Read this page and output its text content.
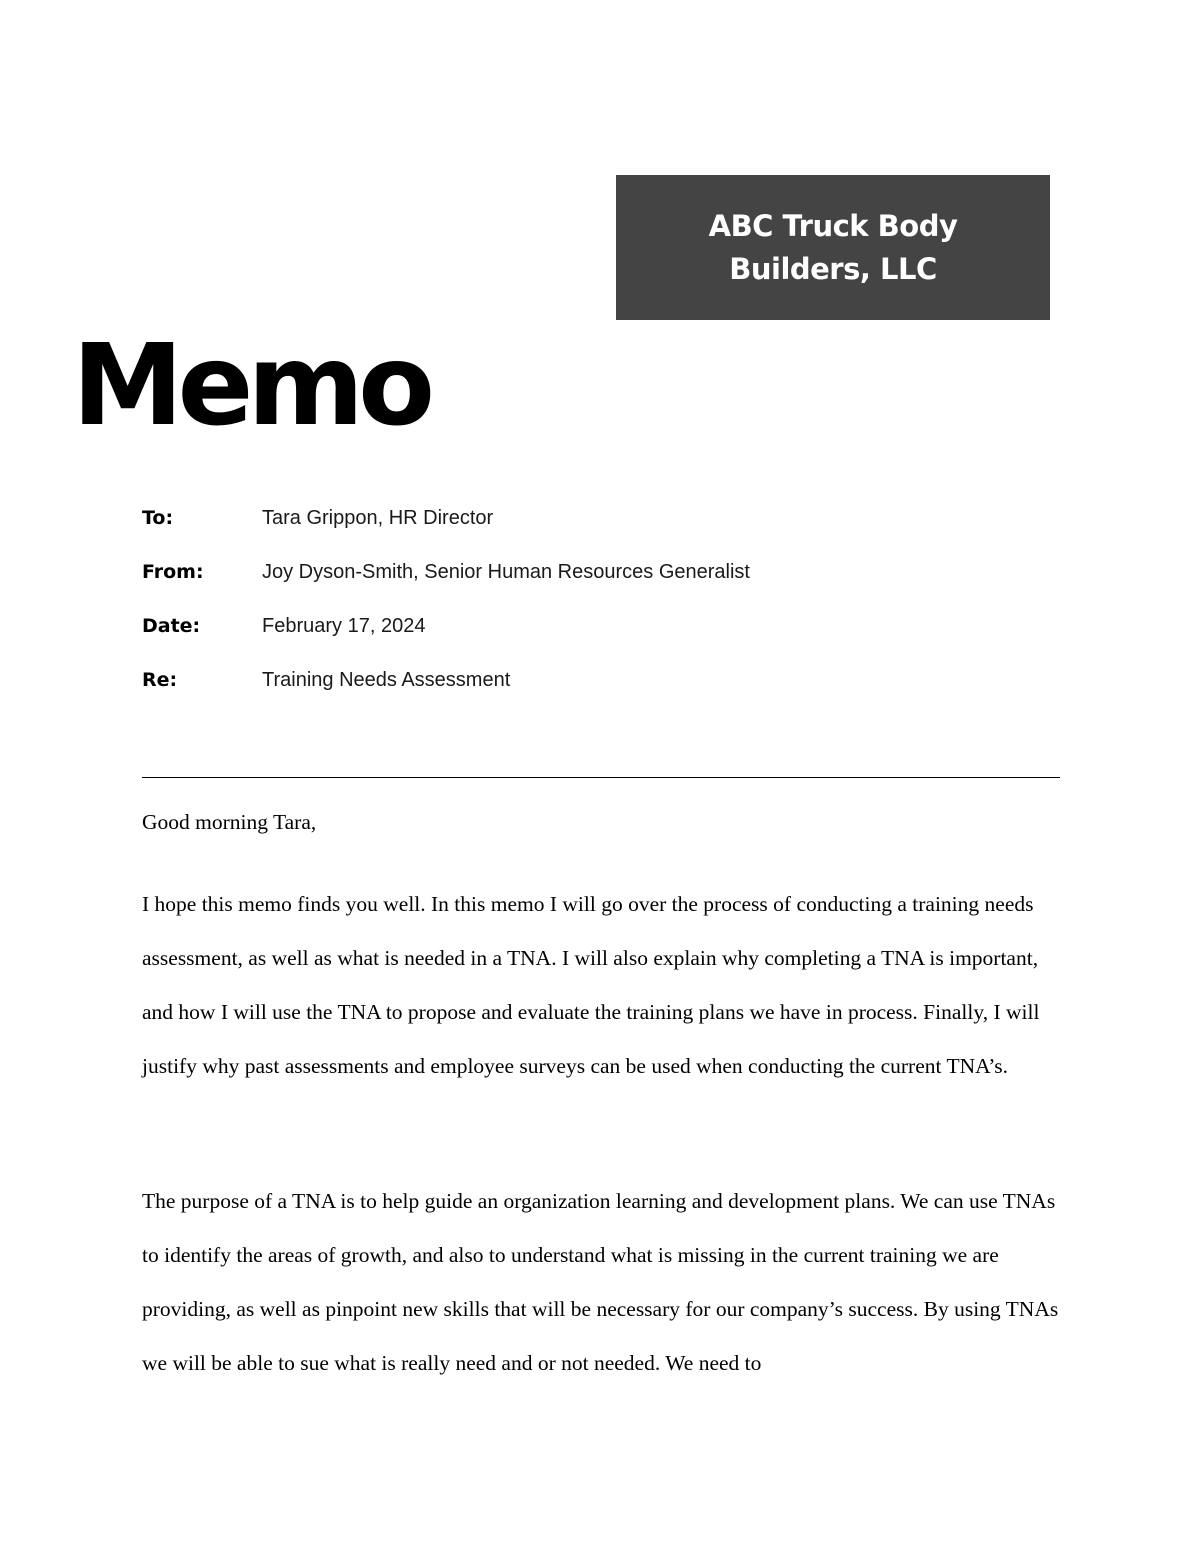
ABC Truck Body Builders, LLC
Memo
To:	Tara Grippon, HR Director
From:	Joy Dyson-Smith, Senior Human Resources Generalist
Date:	February 17, 2024
Re:	Training Needs Assessment

Good morning Tara,

I hope this memo finds you well. In this memo I will go over the process of conducting a training needs assessment, as well as what is needed in a TNA. I will also explain why completing a TNA is important, and how I will use the TNA to propose and evaluate the training plans we have in process. Finally, I will justify why past assessments and employee surveys can be used when conducting the current TNA’s.

The purpose of a TNA is to help guide an organization learning and development plans. We can use TNAs to identify the areas of growth, and also to understand what is missing in the current training we are providing, as well as pinpoint new skills that will be necessary for our company’s success. By using TNAs we will be able to sue what is really need and or not needed. We need to
